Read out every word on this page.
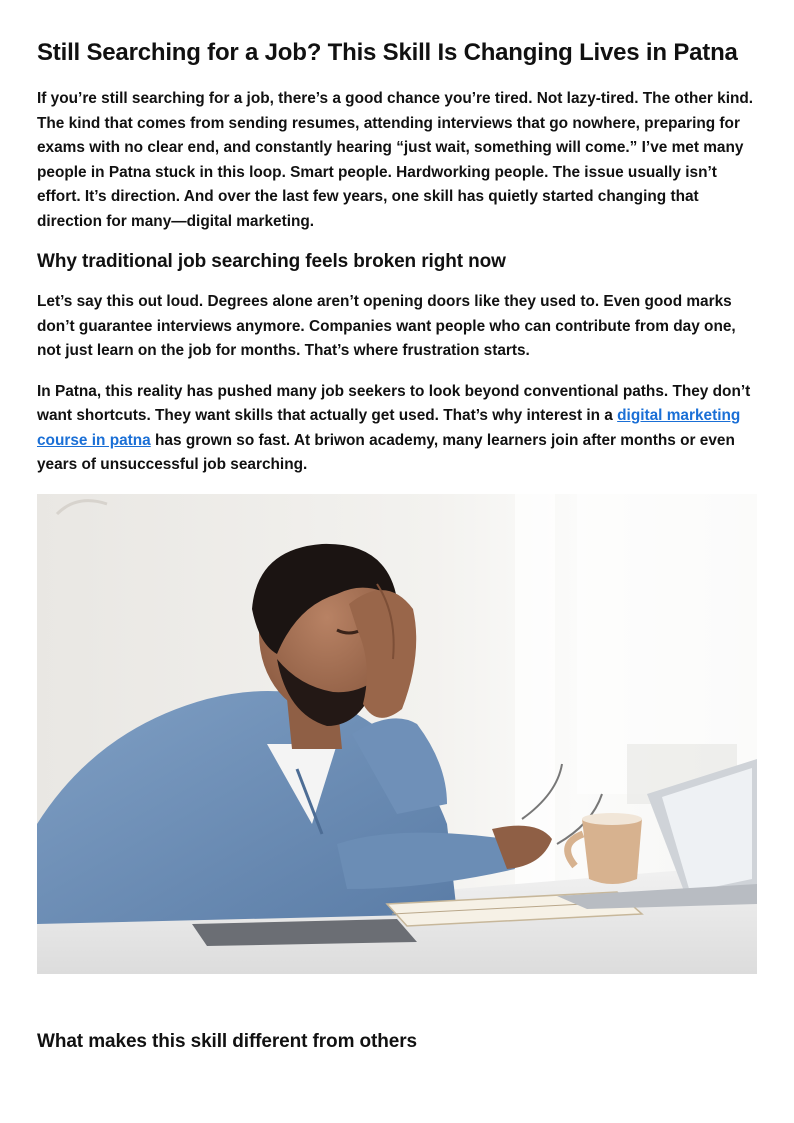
Still Searching for a Job? This Skill Is Changing Lives in Patna

If you’re still searching for a job, there’s a good chance you’re tired. Not lazy-tired. The other kind. The kind that comes from sending resumes, attending interviews that go nowhere, preparing for exams with no clear end, and constantly hearing “just wait, something will come.” I’ve met many people in Patna stuck in this loop. Smart people. Hardworking people. The issue usually isn’t effort. It’s direction. And over the last few years, one skill has quietly started changing that direction for many—digital marketing.

Why traditional job searching feels broken right now

Let’s say this out loud. Degrees alone aren’t opening doors like they used to. Even good marks don’t guarantee interviews anymore. Companies want people who can contribute from day one, not just learn on the job for months. That’s where frustration starts.

In Patna, this reality has pushed many job seekers to look beyond conventional paths. They don’t want shortcuts. They want skills that actually get used. That’s why interest in a digital marketing course in patna has grown so fast. At briwon academy, many learners join after months or even years of unsuccessful job searching.

What makes this skill different from others
